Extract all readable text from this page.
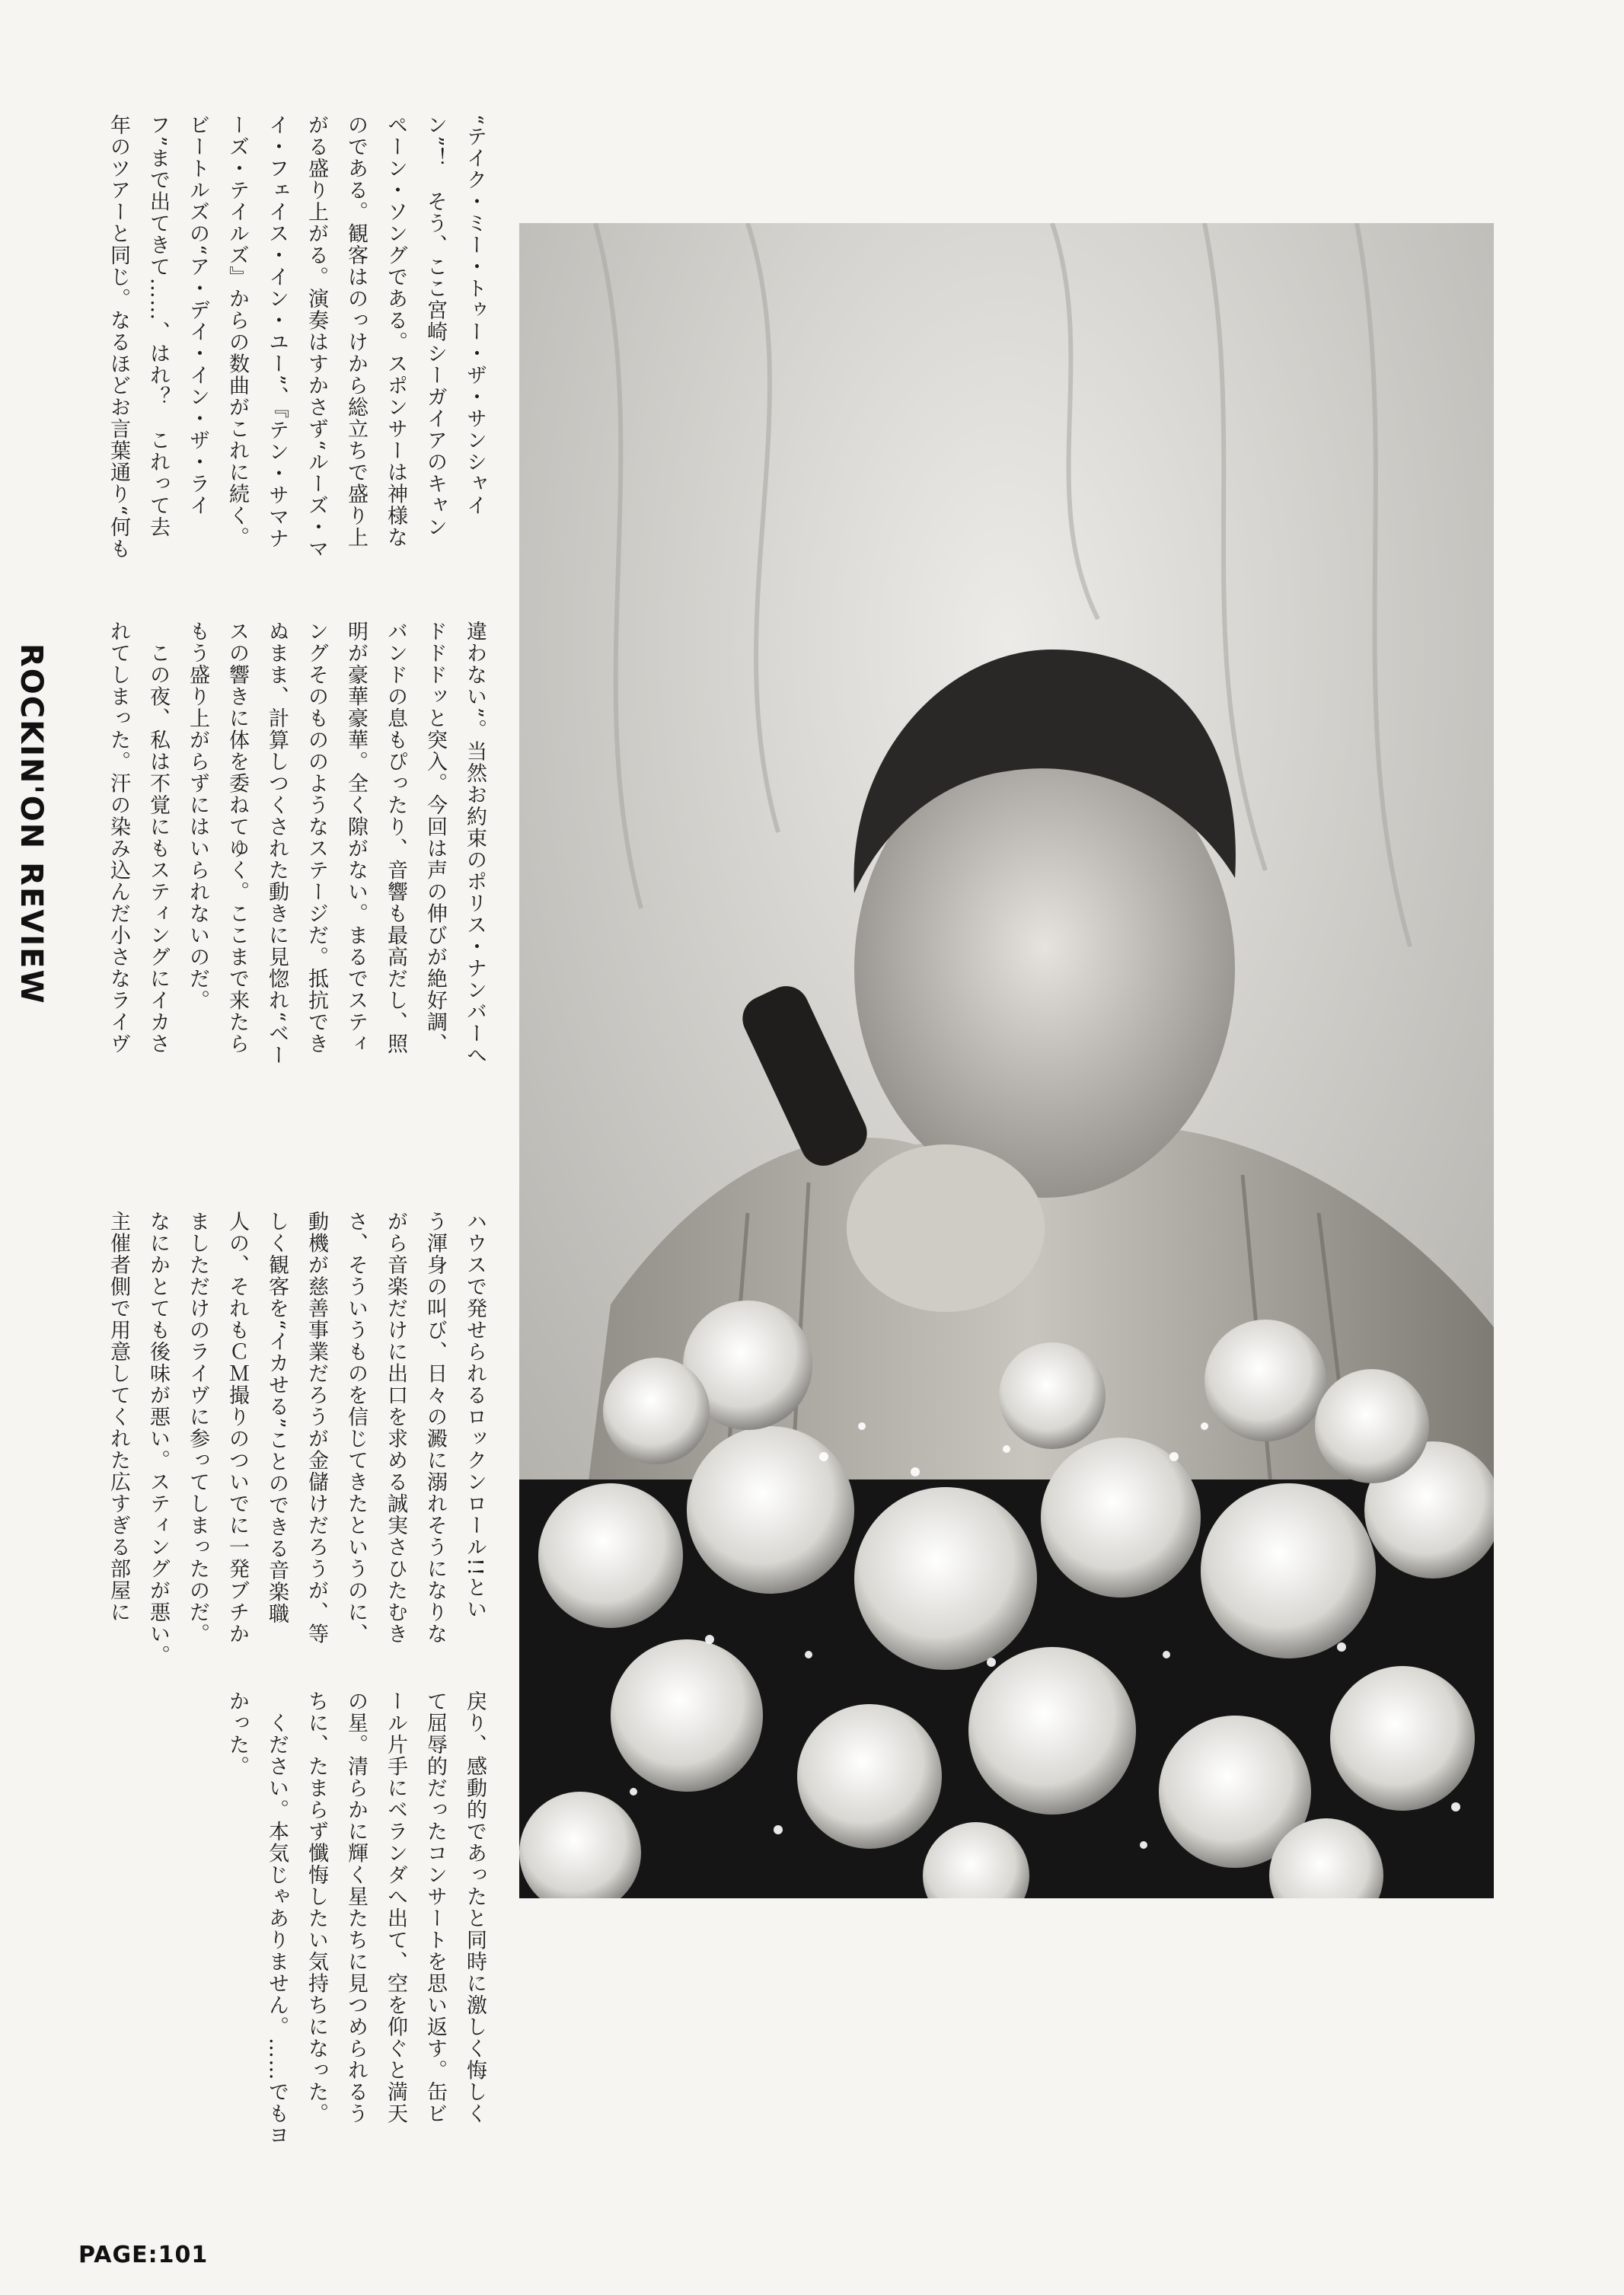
ROCKIN'ON REVIEW
“テイク・ミー・トゥー・ザ・サンシャイ
ン”！　そう、ここ宮崎シーガイアのキャン
ペーン・ソングである。スポンサーは神様な
のである。観客はのっけから総立ちで盛り上
がる盛り上がる。演奏はすかさず“ルーズ・マ
イ・フェイス・イン・ユー”、『テン・サマナ
ーズ・テイルズ』からの数曲がこれに続く。
ビートルズの“ア・デイ・イン・ザ・ライ
フ”まで出てきて……、はれ？　これって去
年のツアーと同じ。なるほどお言葉通り“何も
違わない”。当然お約束のポリス・ナンバーへ
ドドドッと突入。今回は声の伸びが絶好調、
バンドの息もぴったり、音響も最高だし、照
明が豪華豪華。全く隙がない。まるでスティ
ングそのもののようなステージだ。抵抗でき
ぬまま、計算しつくされた動きに見惚れ“ベー
スの響きに体を委ねてゆく。ここまで来たら
もう盛り上がらずにはいられないのだ。
　この夜、私は不覚にもスティングにイカさ
れてしまった。汗の染み込んだ小さなライヴ
ハウスで発せられるロックンロール!!とい
う渾身の叫び、日々の澱に溺れそうになりな
がら音楽だけに出口を求める誠実さひたむき
さ、そういうものを信じてきたというのに、
動機が慈善事業だろうが金儲けだろうが、等
しく観客を“イカせる”ことのできる音楽職
人の、それもＣＭ撮りのついでに一発ブチか
ましただけのライヴに参ってしまったのだ。
なにかとても後味が悪い。スティングが悪い。
主催者側で用意してくれた広すぎる部屋に
戻り、感動的であったと同時に激しく悔しく
て屈辱的だったコンサートを思い返す。缶ビ
ール片手にベランダへ出て、空を仰ぐと満天
の星。清らかに輝く星たちに見つめられるう
ちに、たまらず懺悔したい気持ちになった。
　ください。本気じゃありません。……でもヨ
かった。
PAGE:101
